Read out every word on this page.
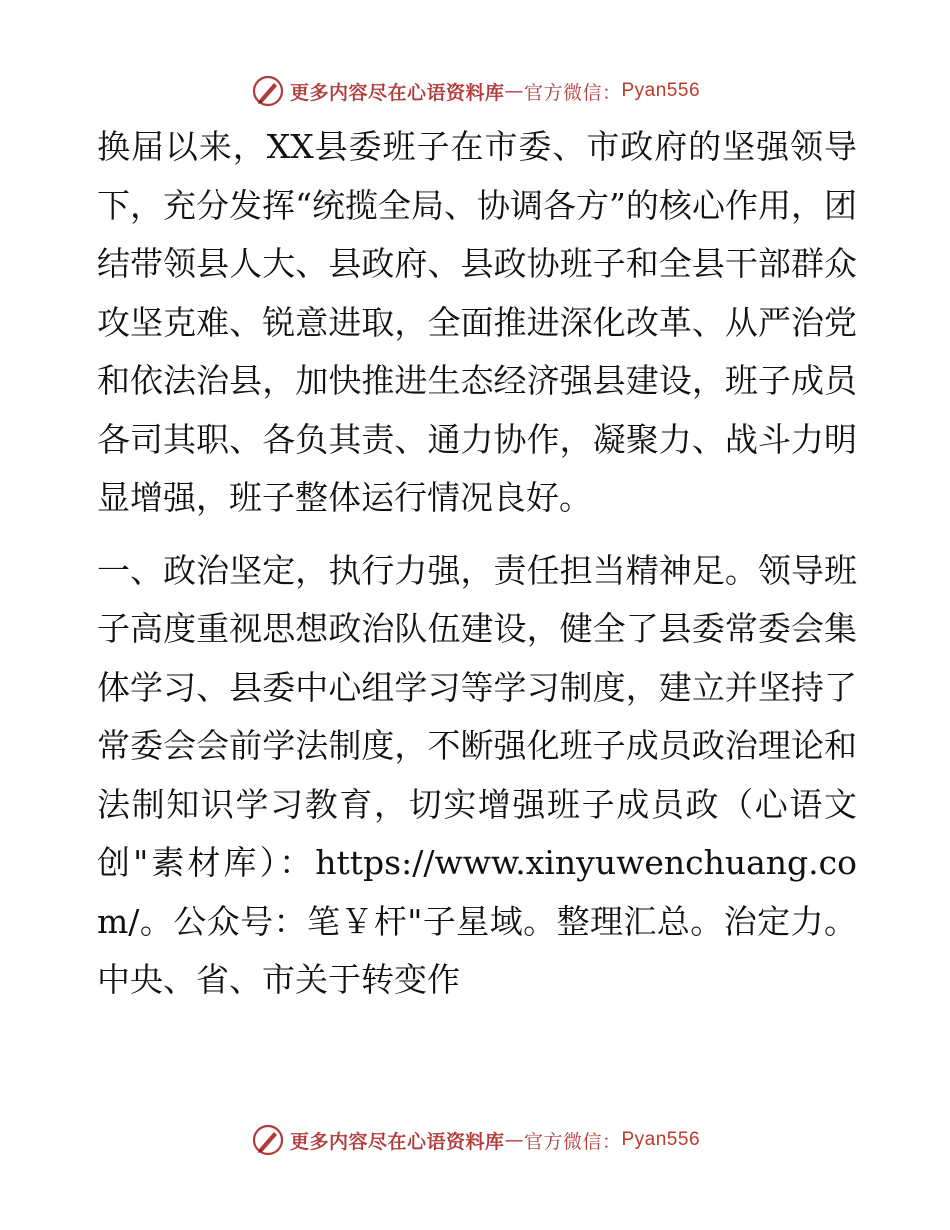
更多内容尽在心语资料库 — 官方微信： Pyan556

换届以来，XX县委班子在市委、市政府的坚强领导下，充分发挥“统揽全局、协调各方”的核心作用，团结带领县人大、县政府、县政协班子和全县干部群众攻坚克难、锐意进取，全面推进深化改革、从严治党和依法治县，加快推进生态经济强县建设，班子成员各司其职、各负其责、通力协作，凝聚力、战斗力明显增强，班子整体运行情况良好。

一、政治坚定，执行力强，责任担当精神足。领导班子高度重视思想政治队伍建设，健全了县委常委会集体学习、县委中心组学习等学习制度，建立并坚持了常委会会前学法制度，不断强化班子成员政治理论和法制知识学习教育，切实增强班子成员政（心语文创"素材库）：https://www.xinyuwenchuang.com/。公众号：笔￥杆"子星域。整理汇总。治定力。中央、省、市关于转变作

更多内容尽在心语资料库 — 官方微信： Pyan556
